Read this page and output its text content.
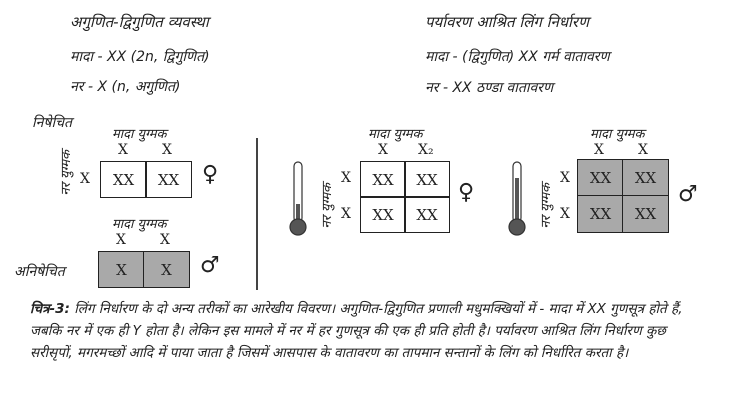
अगुणित-द्विगुणित व्यवस्था
मादा - XX (2n, द्विगुणित)
नर - X (n, अगुणित)
पर्यावरण आश्रित लिंग निर्धारण
मादा - (द्विगुणित) XX गर्म वातावरण
नर - XX ठण्डा वातावरण
निषेचित
मादा युग्मक
X X
नर युग्मक X	XX	XX	♀
मादा युग्मक
X X
अनिषेचित	X	X	♂
नर युग्मक
मादा युग्मक
X X₂
X
X
XX	XX
XX	XX
♀	नर युग्मक
मादा युग्मक
X X
X
X
XX	XX
XX	XX
♂
चित्र-3: लिंग निर्धारण के दो अन्य तरीकों का आरेखीय विवरण। अगुणित-द्विगुणित प्रणाली मधुमक्खियों में - मादा में XX गुणसूत्र होते हैं, जबकि नर में एक ही Y होता है। लेकिन इस मामले में नर में हर गुणसूत्र की एक ही प्रति होती है। पर्यावरण आश्रित लिंग निर्धारण कुछ सरीसृपों, मगरमच्छों आदि में पाया जाता है जिसमें आसपास के वातावरण का तापमान सन्तानों के लिंग को निर्धारित करता है।
